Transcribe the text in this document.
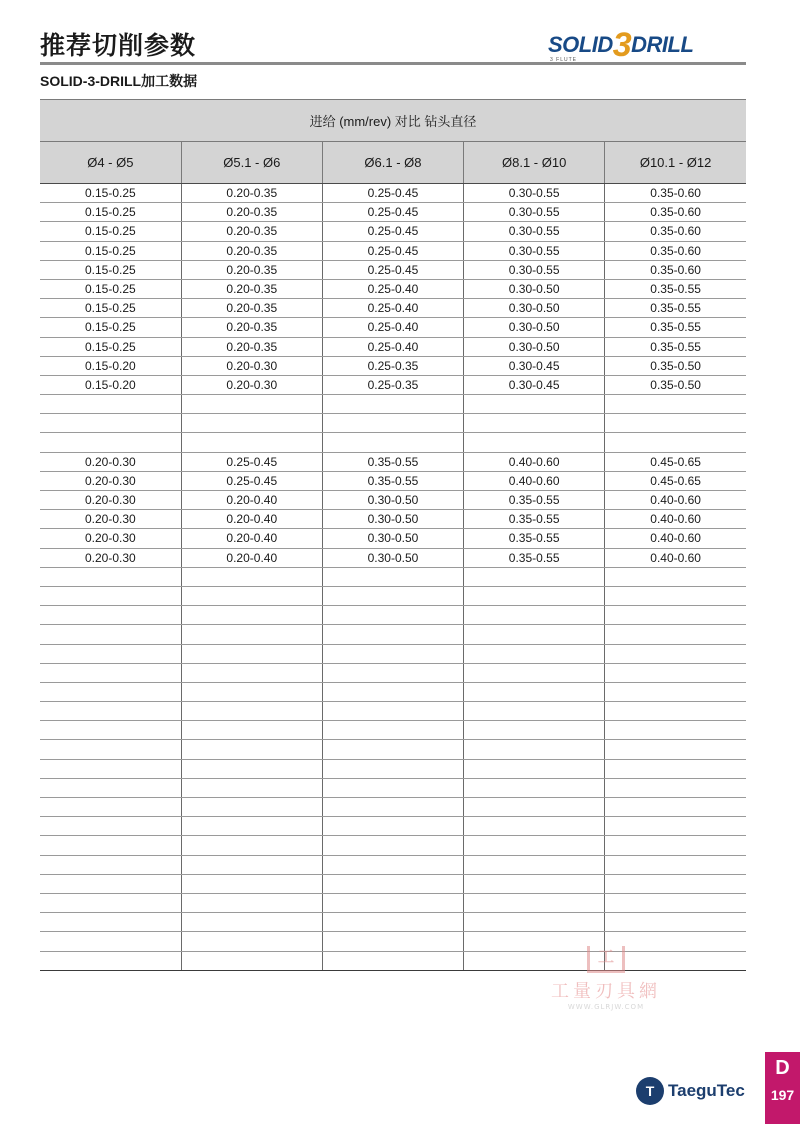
推荐切削参数
SOLID-3-DRILL加工数据
SOLID3DRILL
3 FLUTE
进给 (mm/rev) 对比 钻头直径				
Ø4 - Ø5	Ø5.1 - Ø6	Ø6.1 - Ø8	Ø8.1 - Ø10	Ø10.1 - Ø12
0.15-0.25	0.20-0.35	0.25-0.45	0.30-0.55	0.35-0.60
0.15-0.25	0.20-0.35	0.25-0.45	0.30-0.55	0.35-0.60
0.15-0.25	0.20-0.35	0.25-0.45	0.30-0.55	0.35-0.60
0.15-0.25	0.20-0.35	0.25-0.45	0.30-0.55	0.35-0.60
0.15-0.25	0.20-0.35	0.25-0.45	0.30-0.55	0.35-0.60
0.15-0.25	0.20-0.35	0.25-0.40	0.30-0.50	0.35-0.55
0.15-0.25	0.20-0.35	0.25-0.40	0.30-0.50	0.35-0.55
0.15-0.25	0.20-0.35	0.25-0.40	0.30-0.50	0.35-0.55
0.15-0.25	0.20-0.35	0.25-0.40	0.30-0.50	0.35-0.55
0.15-0.20	0.20-0.30	0.25-0.35	0.30-0.45	0.35-0.50
0.15-0.20	0.20-0.30	0.25-0.35	0.30-0.45	0.35-0.50

0.20-0.30	0.25-0.45	0.35-0.55	0.40-0.60	0.45-0.65
0.20-0.30	0.25-0.45	0.35-0.55	0.40-0.60	0.45-0.65
0.20-0.30	0.20-0.40	0.30-0.50	0.35-0.55	0.40-0.60
0.20-0.30	0.20-0.40	0.30-0.50	0.35-0.55	0.40-0.60
0.20-0.30	0.20-0.40	0.30-0.50	0.35-0.55	0.40-0.60
0.20-0.30	0.20-0.40	0.30-0.50	0.35-0.55	0.40-0.60

工
工量刃具網
WWW.GLRJW.COM
T TaeguTec
D
197
